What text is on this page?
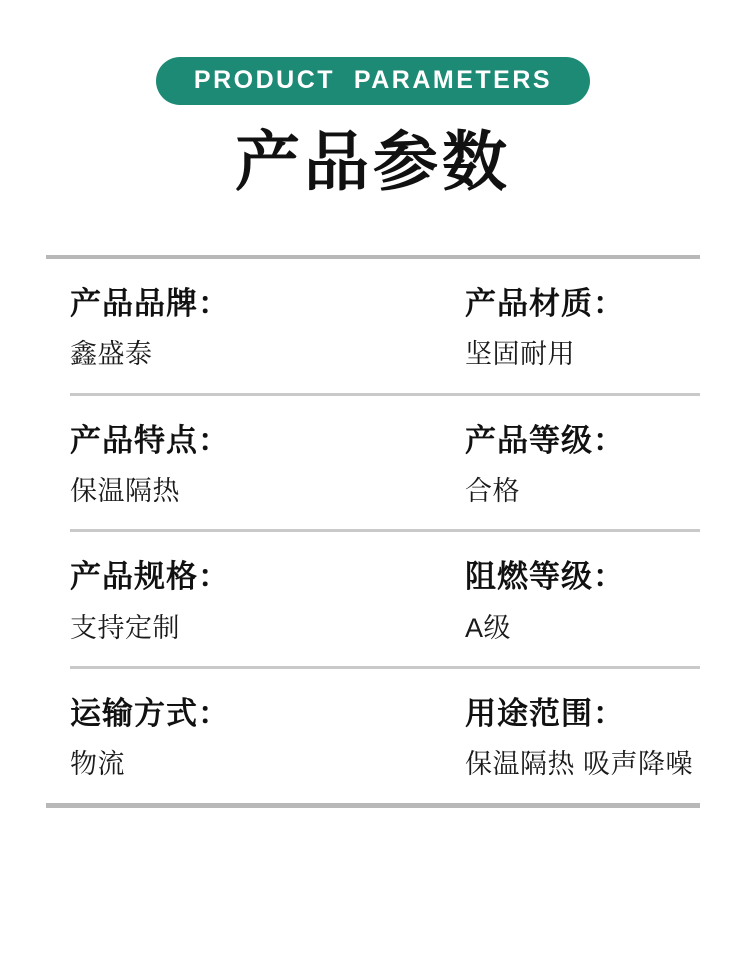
PRODUCT  PARAMETERS
产品参数
产品品牌：
鑫盛泰
产品材质：
坚固耐用
产品特点：
保温隔热
产品等级：
合格
产品规格：
支持定制
阻燃等级：
A级
运输方式：
物流
用途范围：
保温隔热 吸声降噪
